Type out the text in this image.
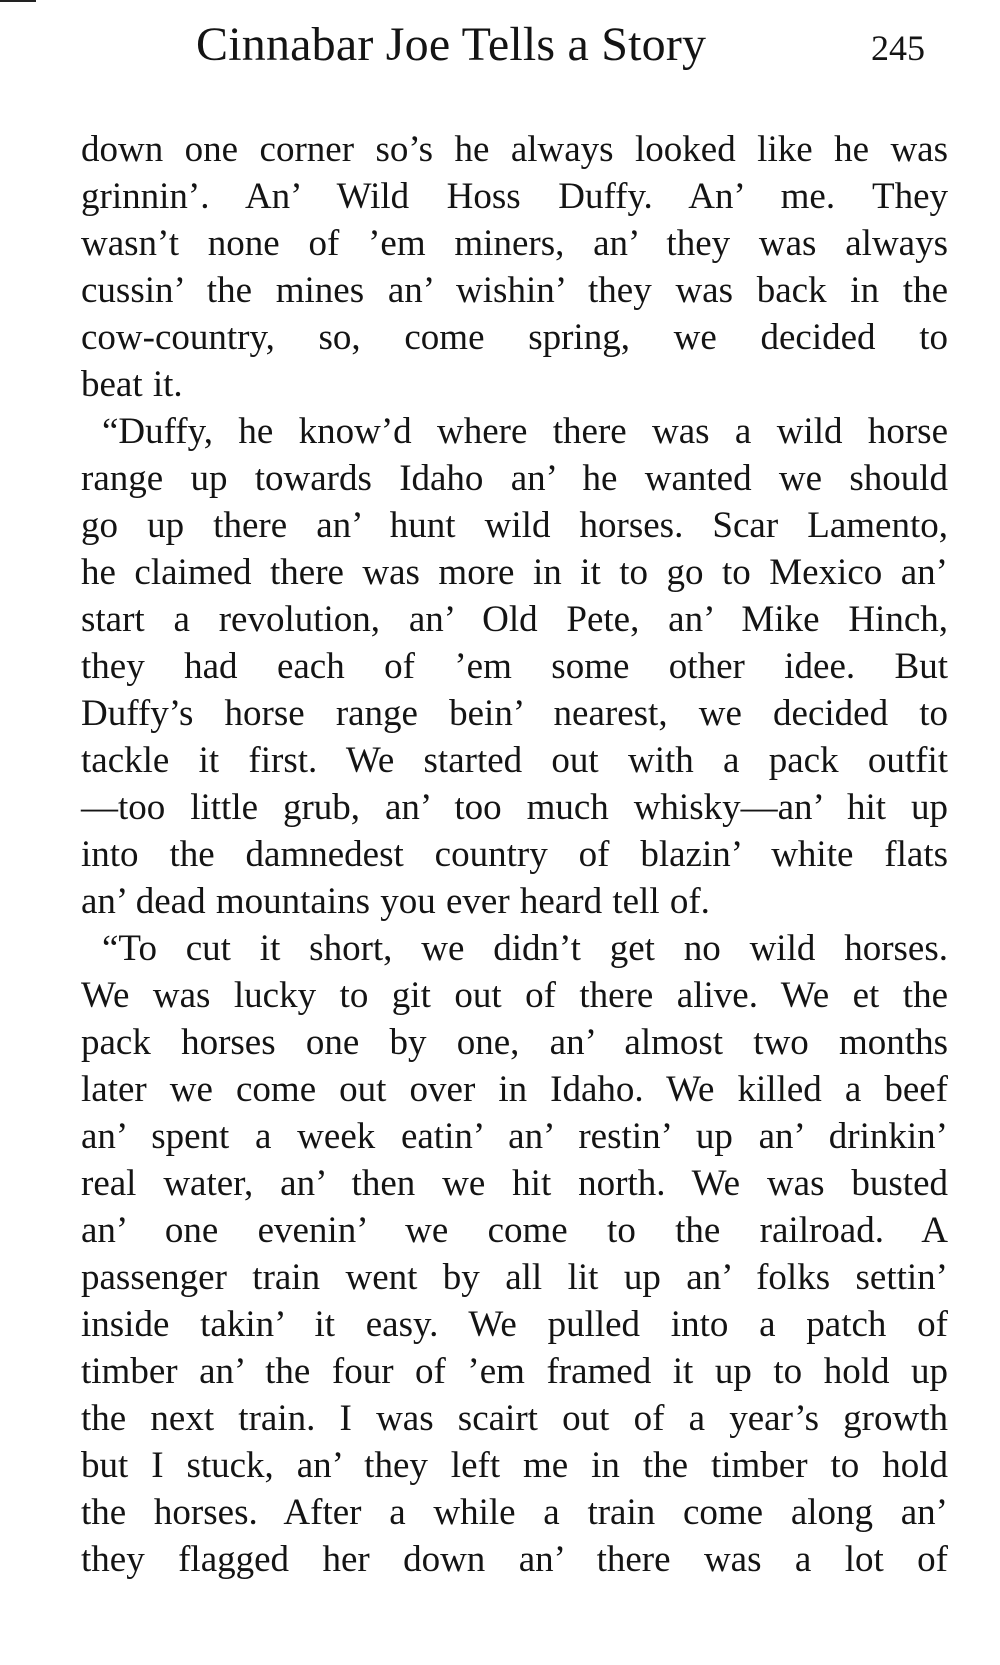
Cinnabar Joe Tells a Story	245
down one corner so’s he always looked like he was
grinnin’. An’ Wild Hoss Duffy. An’ me. They
wasn’t none of ’em miners, an’ they was always
cussin’ the mines an’ wishin’ they was back in the
cow-country, so, come spring, we decided to
beat it.
“Duffy, he know’d where there was a wild horse
range up towards Idaho an’ he wanted we should
go up there an’ hunt wild horses. Scar Lamento,
he claimed there was more in it to go to Mexico an’
start a revolution, an’ Old Pete, an’ Mike Hinch,
they had each of ’em some other idee. But
Duffy’s horse range bein’ nearest, we decided to
tackle it first. We started out with a pack outfit
—too little grub, an’ too much whisky—an’ hit up
into the damnedest country of blazin’ white flats
an’ dead mountains you ever heard tell of.
“To cut it short, we didn’t get no wild horses.
We was lucky to git out of there alive. We et the
pack horses one by one, an’ almost two months
later we come out over in Idaho. We killed a beef
an’ spent a week eatin’ an’ restin’ up an’ drinkin’
real water, an’ then we hit north. We was busted
an’ one evenin’ we come to the railroad. A
passenger train went by all lit up an’ folks settin’
inside takin’ it easy. We pulled into a patch of
timber an’ the four of ’em framed it up to hold up
the next train. I was scairt out of a year’s growth
but I stuck, an’ they left me in the timber to hold
the horses. After a while a train come along an’
they flagged her down an’ there was a lot of
